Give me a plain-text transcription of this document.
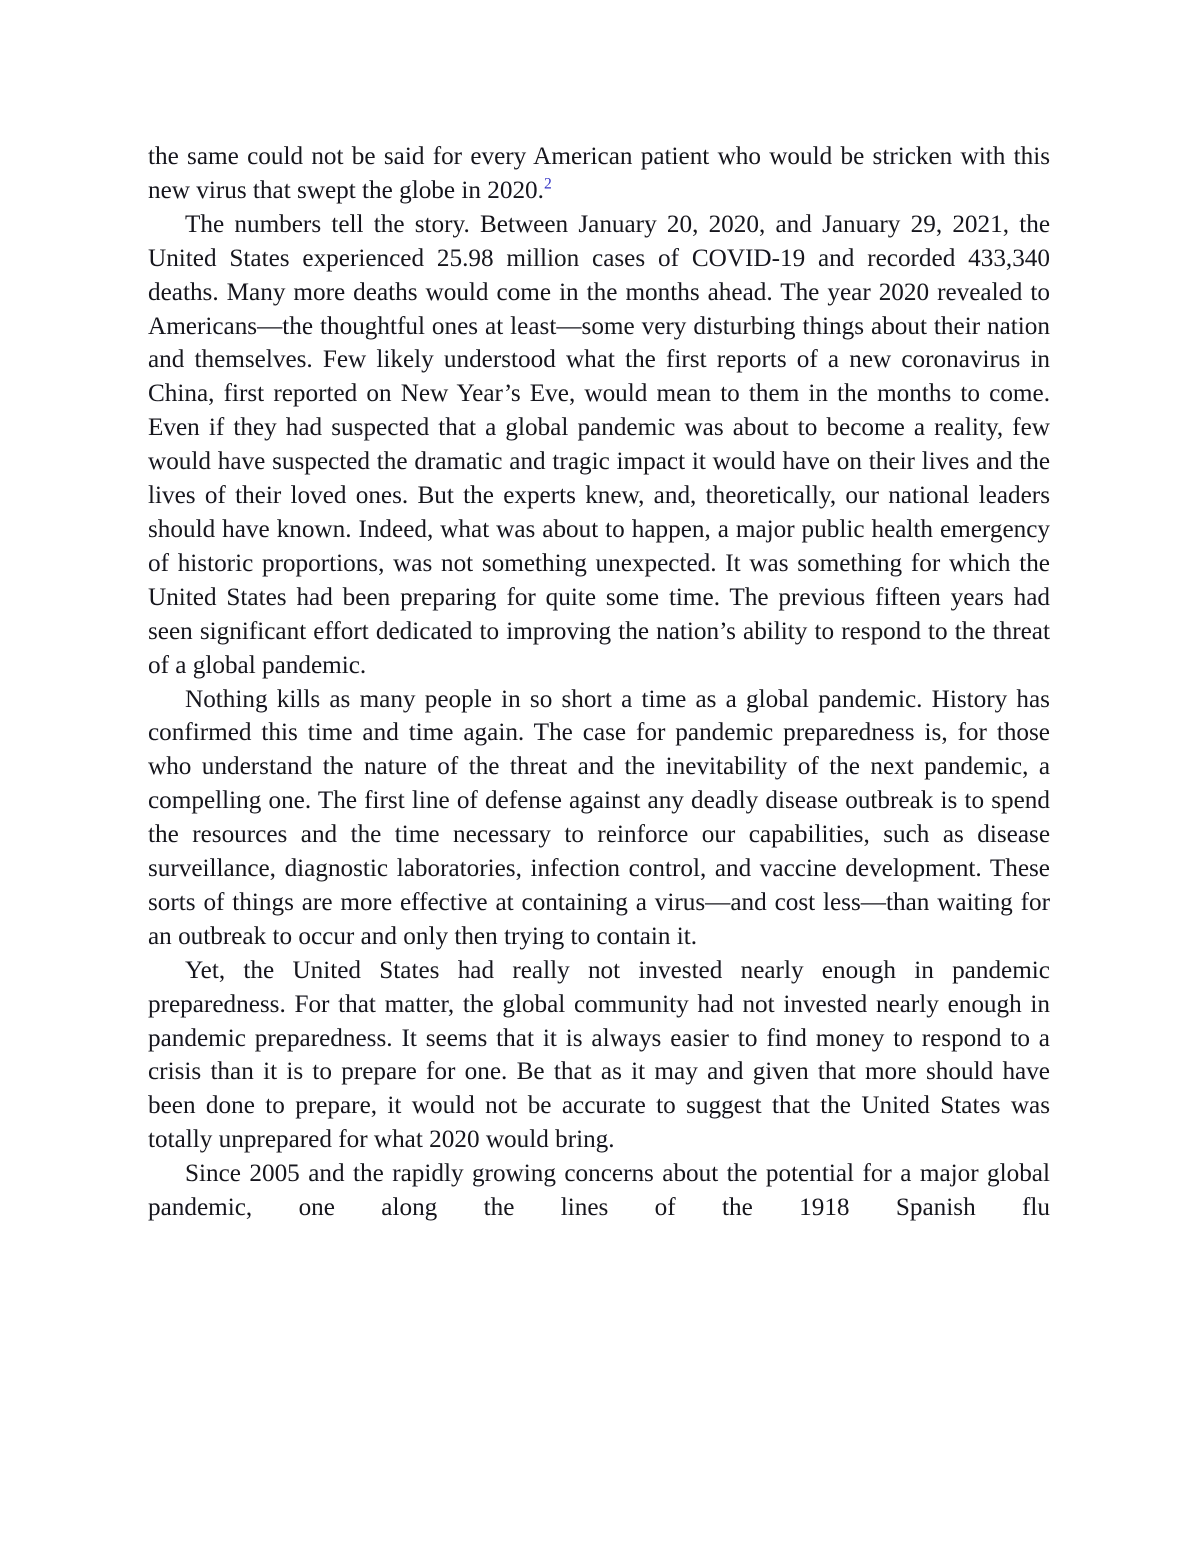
the same could not be said for every American patient who would be stricken with this new virus that swept the globe in 2020.$^2$

The numbers tell the story. Between January 20, 2020, and January 29, 2021, the United States experienced 25.98 million cases of COVID-19 and recorded 433,340 deaths. Many more deaths would come in the months ahead. The year 2020 revealed to Americans—the thoughtful ones at least—some very disturbing things about their nation and themselves. Few likely understood what the first reports of a new coronavirus in China, first reported on New Year’s Eve, would mean to them in the months to come. Even if they had suspected that a global pandemic was about to become a reality, few would have suspected the dramatic and tragic impact it would have on their lives and the lives of their loved ones. But the experts knew, and, theoretically, our national leaders should have known. Indeed, what was about to happen, a major public health emergency of historic proportions, was not something unexpected. It was something for which the United States had been preparing for quite some time. The previous fifteen years had seen significant effort dedicated to improving the nation’s ability to respond to the threat of a global pandemic.

Nothing kills as many people in so short a time as a global pandemic. History has confirmed this time and time again. The case for pandemic preparedness is, for those who understand the nature of the threat and the inevitability of the next pandemic, a compelling one. The first line of defense against any deadly disease outbreak is to spend the resources and the time necessary to reinforce our capabilities, such as disease surveillance, diagnostic laboratories, infection control, and vaccine development. These sorts of things are more effective at containing a virus—and cost less—than waiting for an outbreak to occur and only then trying to contain it.

Yet, the United States had really not invested nearly enough in pandemic preparedness. For that matter, the global community had not invested nearly enough in pandemic preparedness. It seems that it is always easier to find money to respond to a crisis than it is to prepare for one. Be that as it may and given that more should have been done to prepare, it would not be accurate to suggest that the United States was totally unprepared for what 2020 would bring.

Since 2005 and the rapidly growing concerns about the potential for a major global pandemic, one along the lines of the 1918 Spanish flu
